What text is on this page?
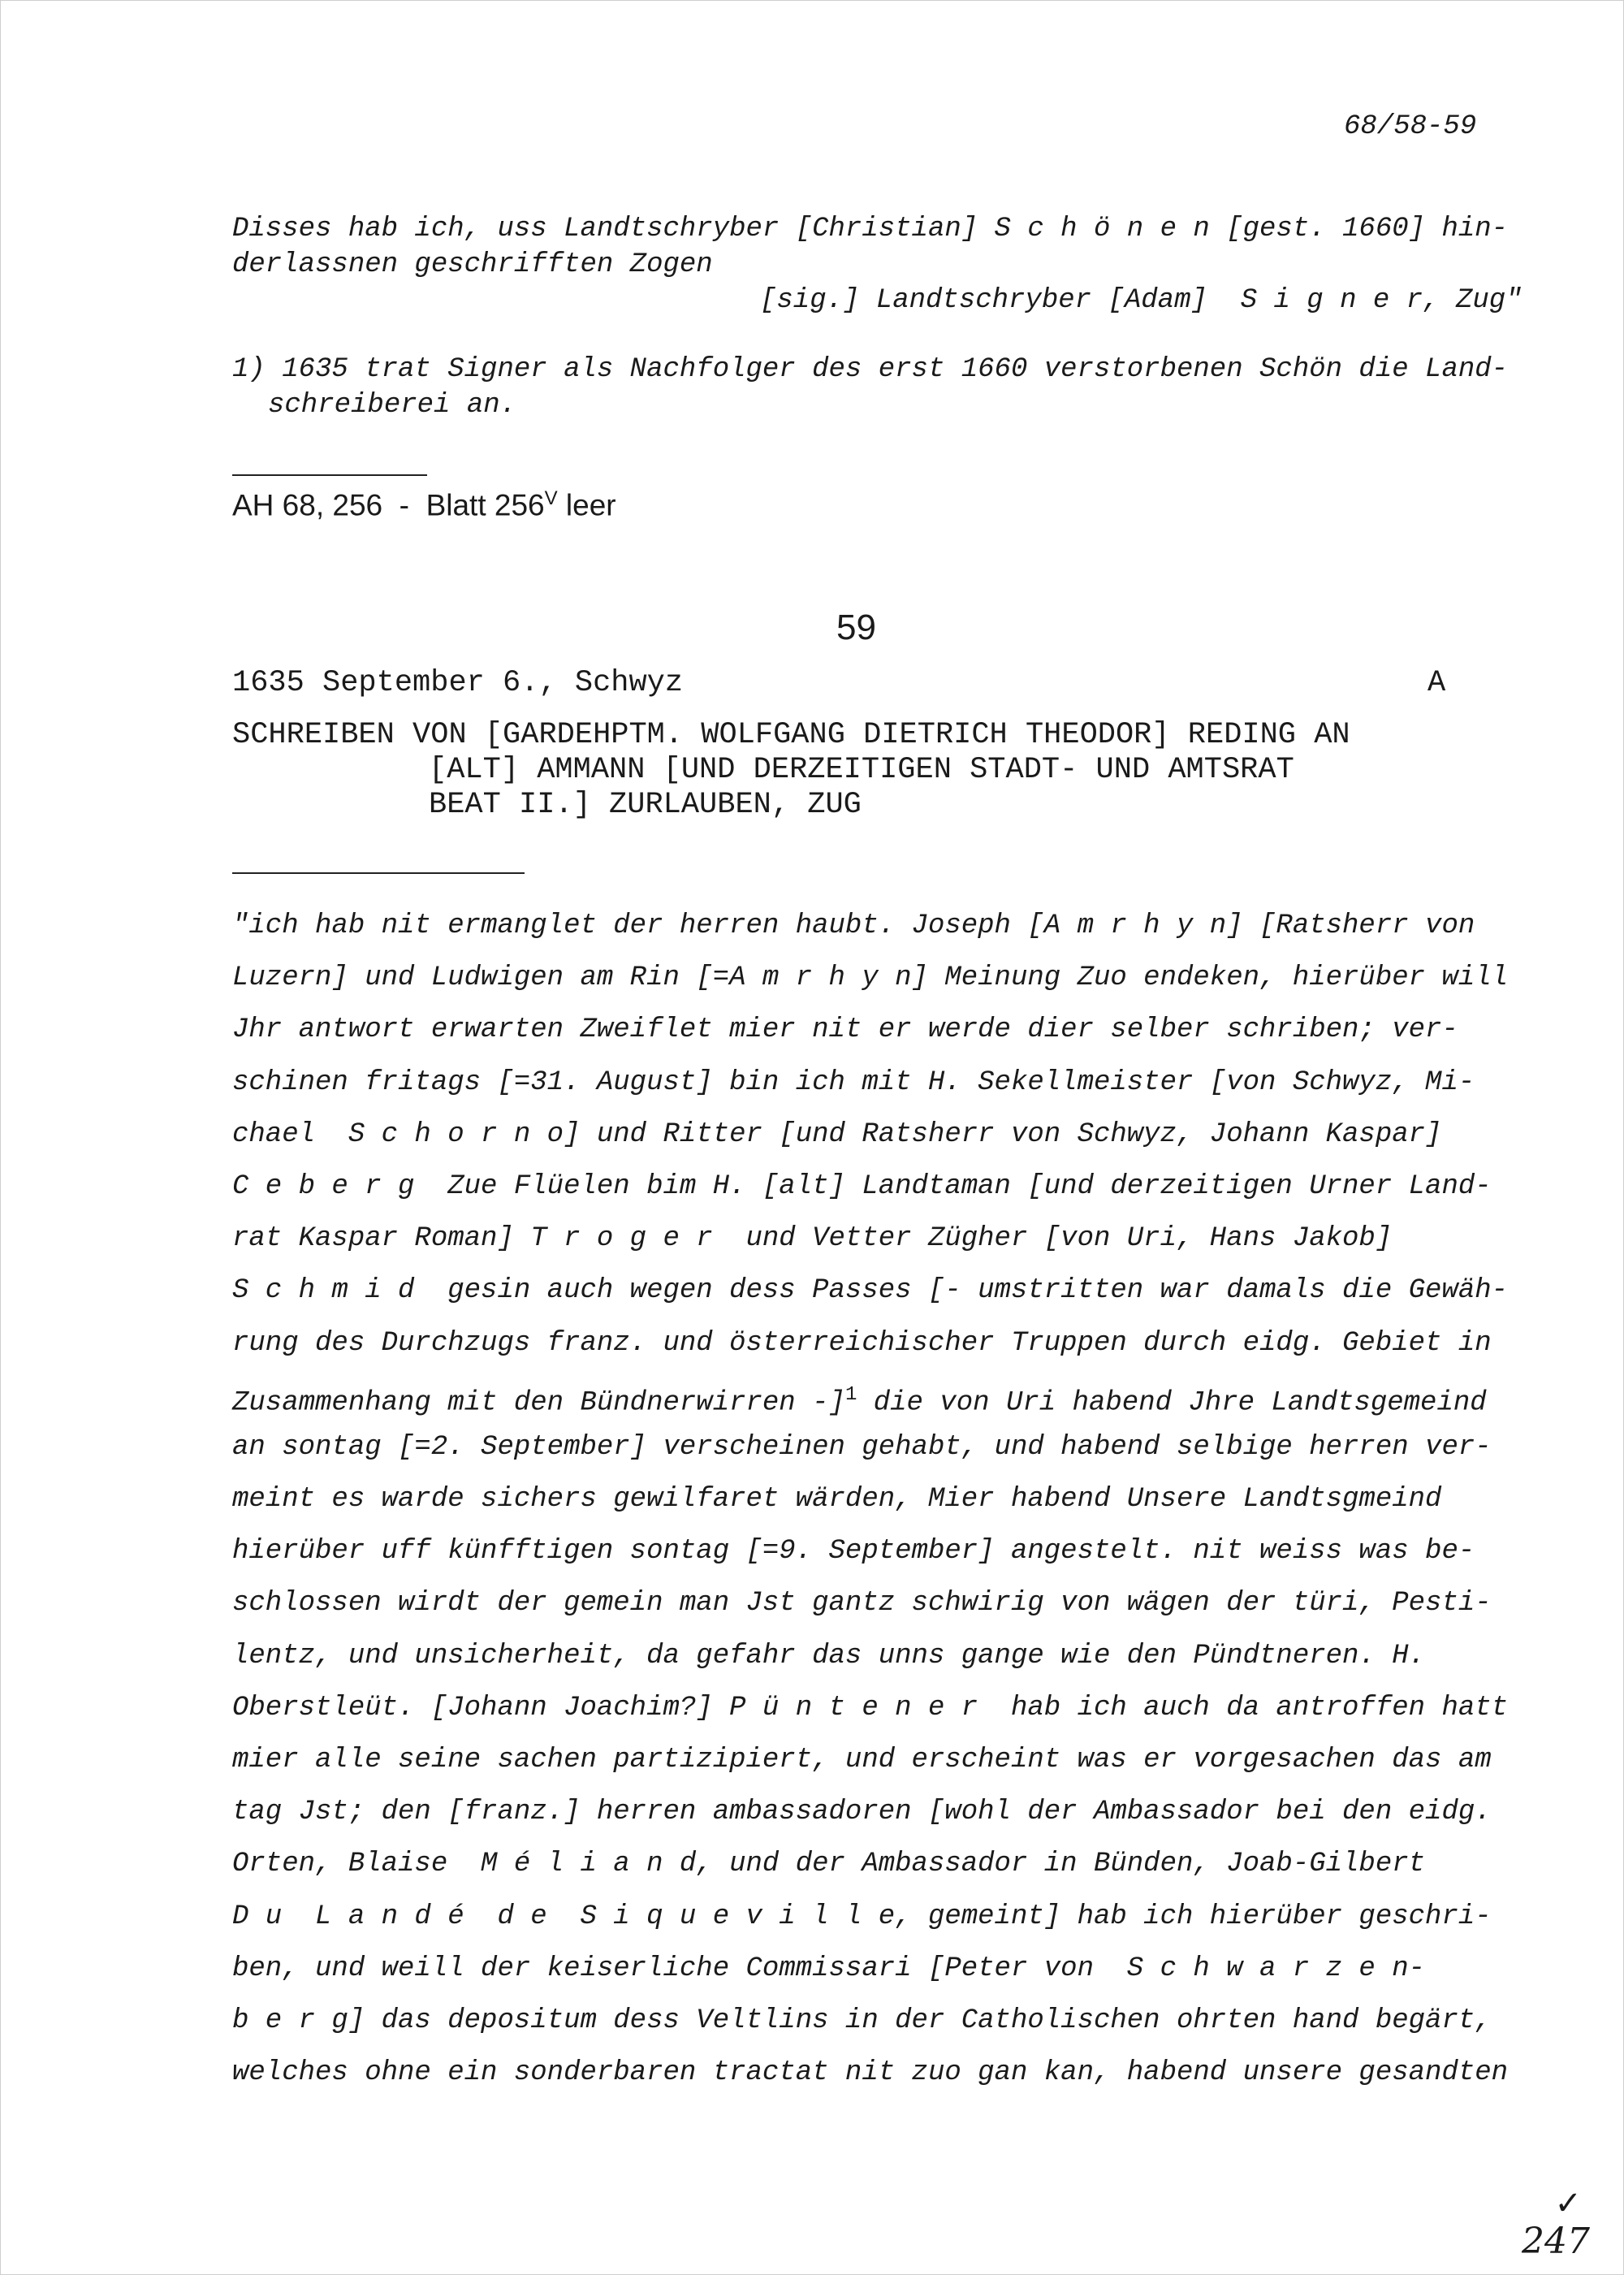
68/58-59
Disses hab ich, uss Landtschryber [Christian] S c h ö n e n [gest. 1660] hin-
derlassnen geschrifften Zogen
[sig.] Landtschryber [Adam]  S i g n e r, Zug"
1) 1635 trat Signer als Nachfolger des erst 1660 verstorbenen Schön die Land-
schreiberei an.
AH 68, 256  -  Blatt $256^V$ leer
59
1635 September 6., Schwyz	A
SCHREIBEN VON [GARDEHPTM. WOLFGANG DIETRICH THEODOR] REDING AN
[ALT] AMMANN [UND DERZEITIGEN STADT- UND AMTSRAT
BEAT II.] ZURLAUBEN, ZUG
"ich hab nit ermanglet der herren haubt. Joseph [A m r h y n] [Ratsherr von
Luzern] und Ludwigen am Rin [=A m r h y n] Meinung Zuo endeken, hierüber will
Jhr antwort erwarten Zweiflet mier nit er werde dier selber schriben; ver-
schinen fritags [=31. August] bin ich mit H. Sekellmeister [von Schwyz, Mi-
chael  S c h o r n o] und Ritter [und Ratsherr von Schwyz, Johann Kaspar]
C e b e r g  Zue Flüelen bim H. [alt] Landtaman [und derzeitigen Urner Land-
rat Kaspar Roman] T r o g e r  und Vetter Zügher [von Uri, Hans Jakob]
S c h m i d  gesin auch wegen dess Passes [- umstritten war damals die Gewäh-
rung des Durchzugs franz. und österreichischer Truppen durch eidg. Gebiet in
Zusammenhang mit den Bündnerwirren -]$^1$ die von Uri habend Jhre Landtsgemeind
an sontag [=2. September] verscheinen gehabt, und habend selbige herren ver-
meint es warde sichers gewilfaret wärden, Mier habend Unsere Landtsgmeind
hierüber uff künfftigen sontag [=9. September] angestelt. nit weiss was be-
schlossen wirdt der gemein man Jst gantz schwirig von wägen der türi, Pesti-
lentz, und unsicherheit, da gefahr das unns gange wie den Pündtneren. H.
Oberstleüt. [Johann Joachim?] P ü n t e n e r  hab ich auch da antroffen hatt
mier alle seine sachen partizipiert, und erscheint was er vorgesachen das am
tag Jst; den [franz.] herren ambassadoren [wohl der Ambassador bei den eidg.
Orten, Blaise  M é l i a n d, und der Ambassador in Bünden, Joab-Gilbert
D u  L a n d é  d e  S i q u e v i l l e, gemeint] hab ich hierüber geschri-
ben, und weill der keiserliche Commissari [Peter von  S c h w a r z e n-
b e r g] das depositum dess Veltlins in der Catholischen ohrten hand begärt,
welches ohne ein sonderbaren tractat nit zuo gan kan, habend unsere gesandten
✓
247
